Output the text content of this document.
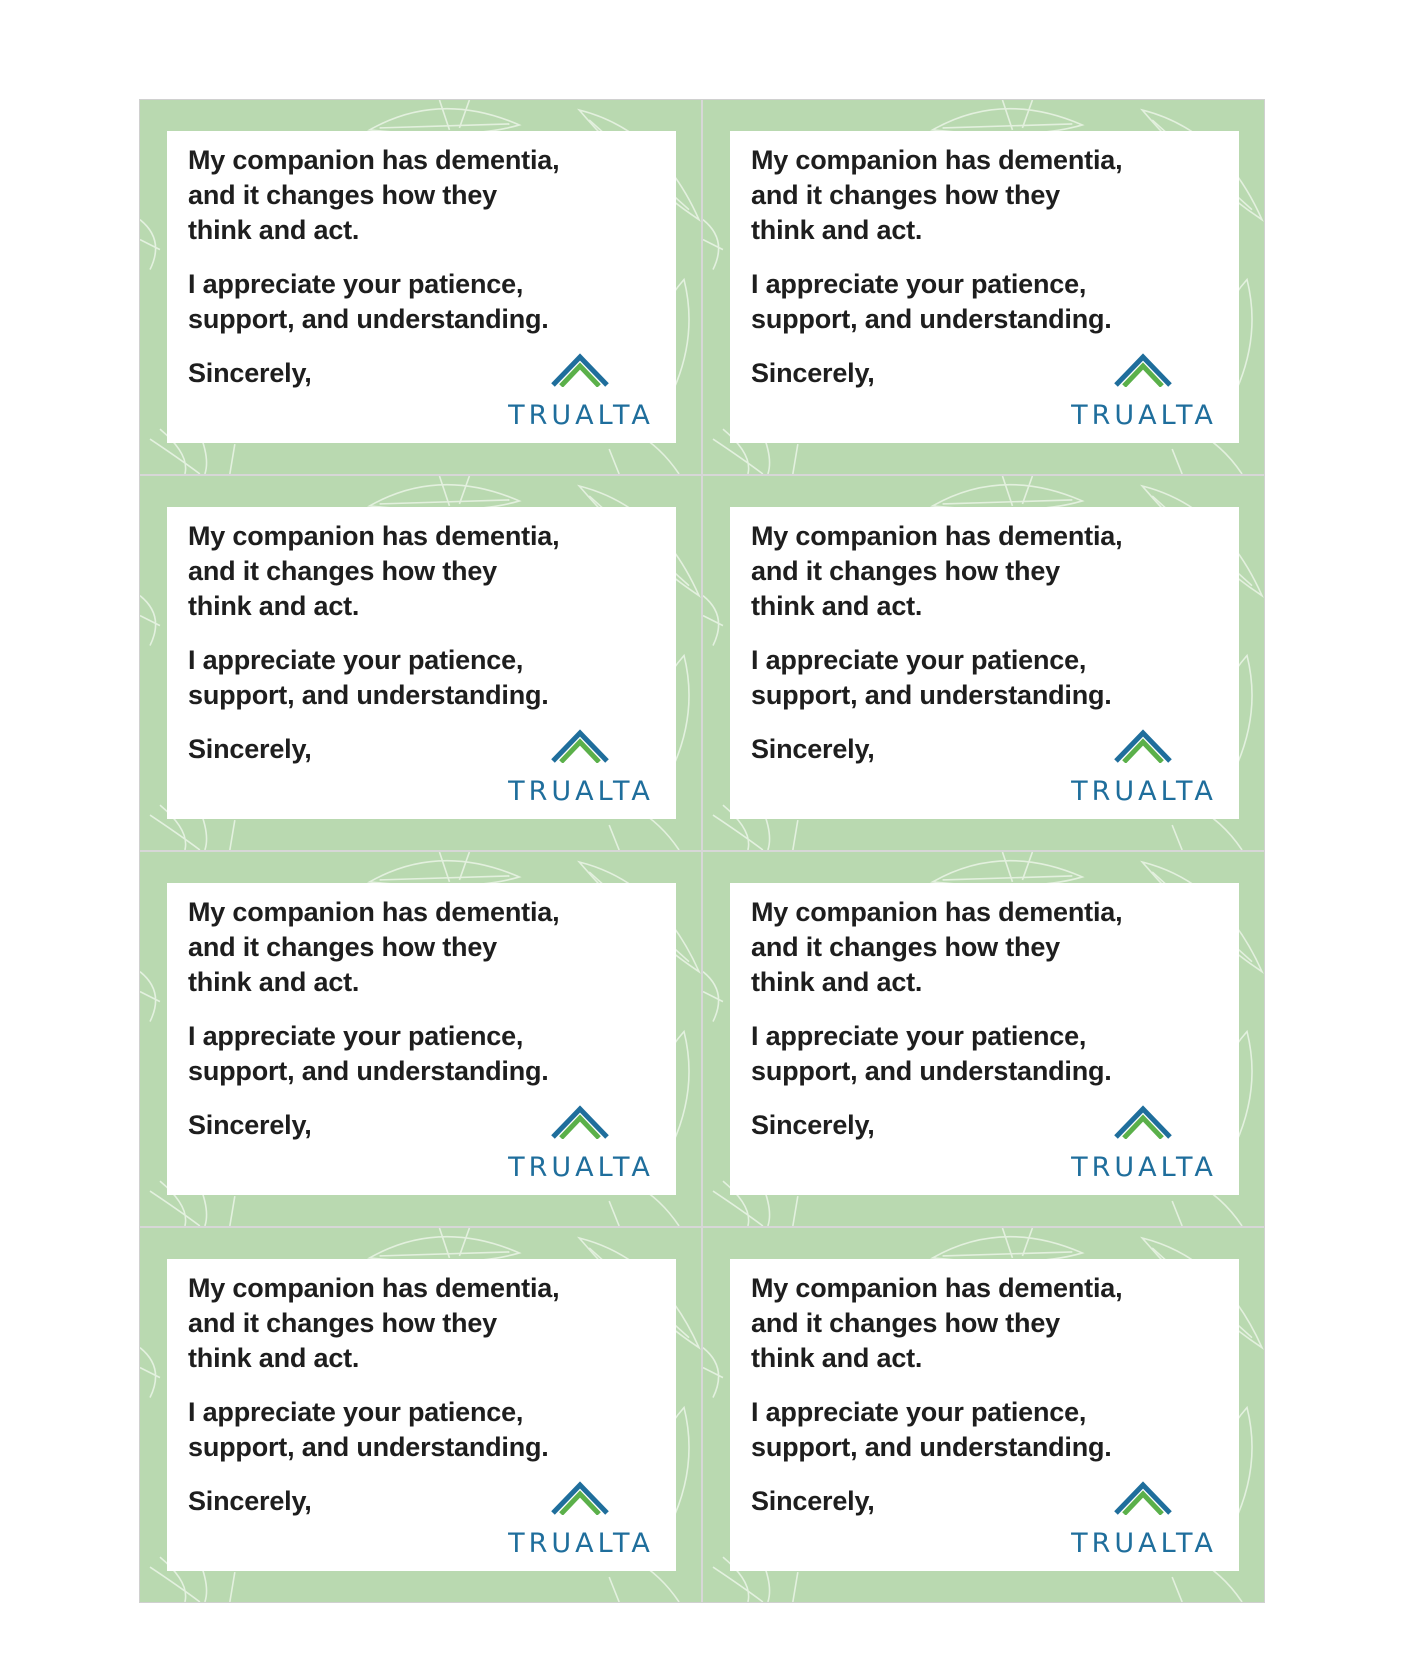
My companion has dementia,
and it changes how they
think and act.

I appreciate your patience,
support, and understanding.

Sincerely,

TRUALTA

My companion has dementia,
and it changes how they
think and act.

I appreciate your patience,
support, and understanding.

Sincerely,

TRUALTA

My companion has dementia,
and it changes how they
think and act.

I appreciate your patience,
support, and understanding.

Sincerely,

TRUALTA

My companion has dementia,
and it changes how they
think and act.

I appreciate your patience,
support, and understanding.

Sincerely,

TRUALTA

My companion has dementia,
and it changes how they
think and act.

I appreciate your patience,
support, and understanding.

Sincerely,

TRUALTA

My companion has dementia,
and it changes how they
think and act.

I appreciate your patience,
support, and understanding.

Sincerely,

TRUALTA

My companion has dementia,
and it changes how they
think and act.

I appreciate your patience,
support, and understanding.

Sincerely,

TRUALTA

My companion has dementia,
and it changes how they
think and act.

I appreciate your patience,
support, and understanding.

Sincerely,

TRUALTA
